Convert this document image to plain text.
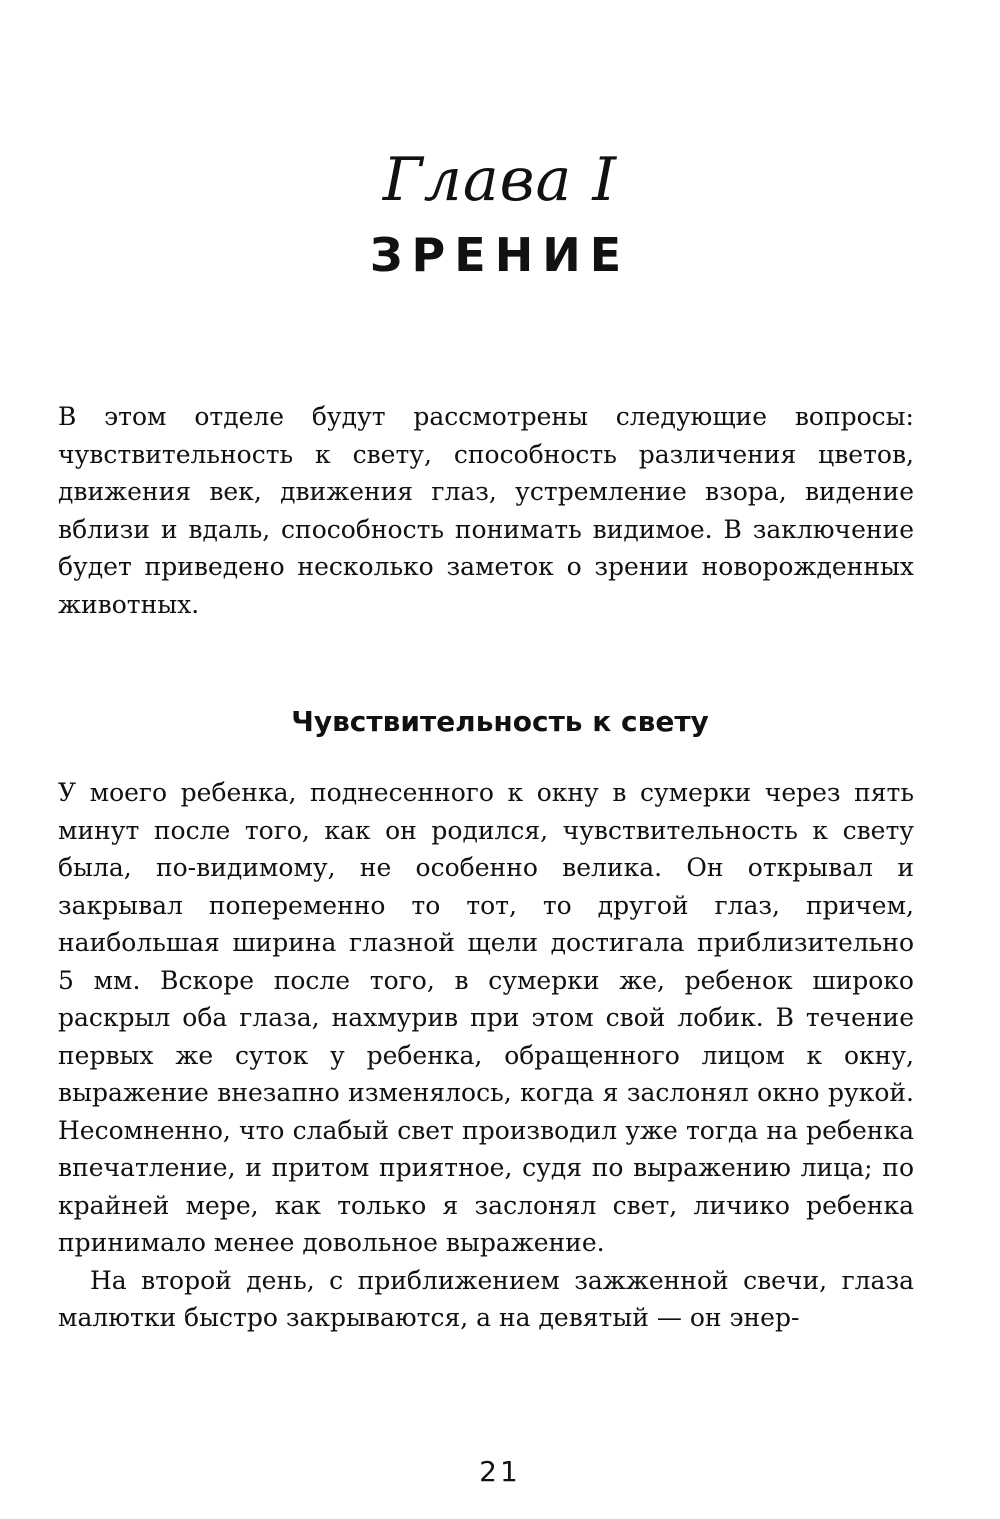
Глава I
ЗРЕНИЕ

В этом отделе будут рассмотрены следующие вопросы: чувствительность к свету, способность различения цветов, движения век, движения глаз, устремление взора, видение вблизи и вдаль, способность понимать видимое. В заключение будет приведено несколько заметок о зрении новорожденных животных.

Чувствительность к свету

У моего ребенка, поднесенного к окну в сумерки через пять минут после того, как он родился, чувствительность к свету была, по-видимому, не особенно велика. Он открывал и закрывал попеременно то тот, то другой глаз, причем, наибольшая ширина глазной щели достигала приблизительно 5 мм. Вскоре после того, в сумерки же, ребенок широко раскрыл оба глаза, нахмурив при этом свой лобик. В течение первых же суток у ребенка, обращенного лицом к окну, выражение внезапно изменялось, когда я заслонял окно рукой. Несомненно, что слабый свет производил уже тогда на ребенка впечатление, и притом приятное, судя по выражению лица; по крайней мере, как только я заслонял свет, личико ребенка принимало менее довольное выражение.

На второй день, с приближением зажженной свечи, глаза малютки быстро закрываются, а на девятый — он энер-

21
